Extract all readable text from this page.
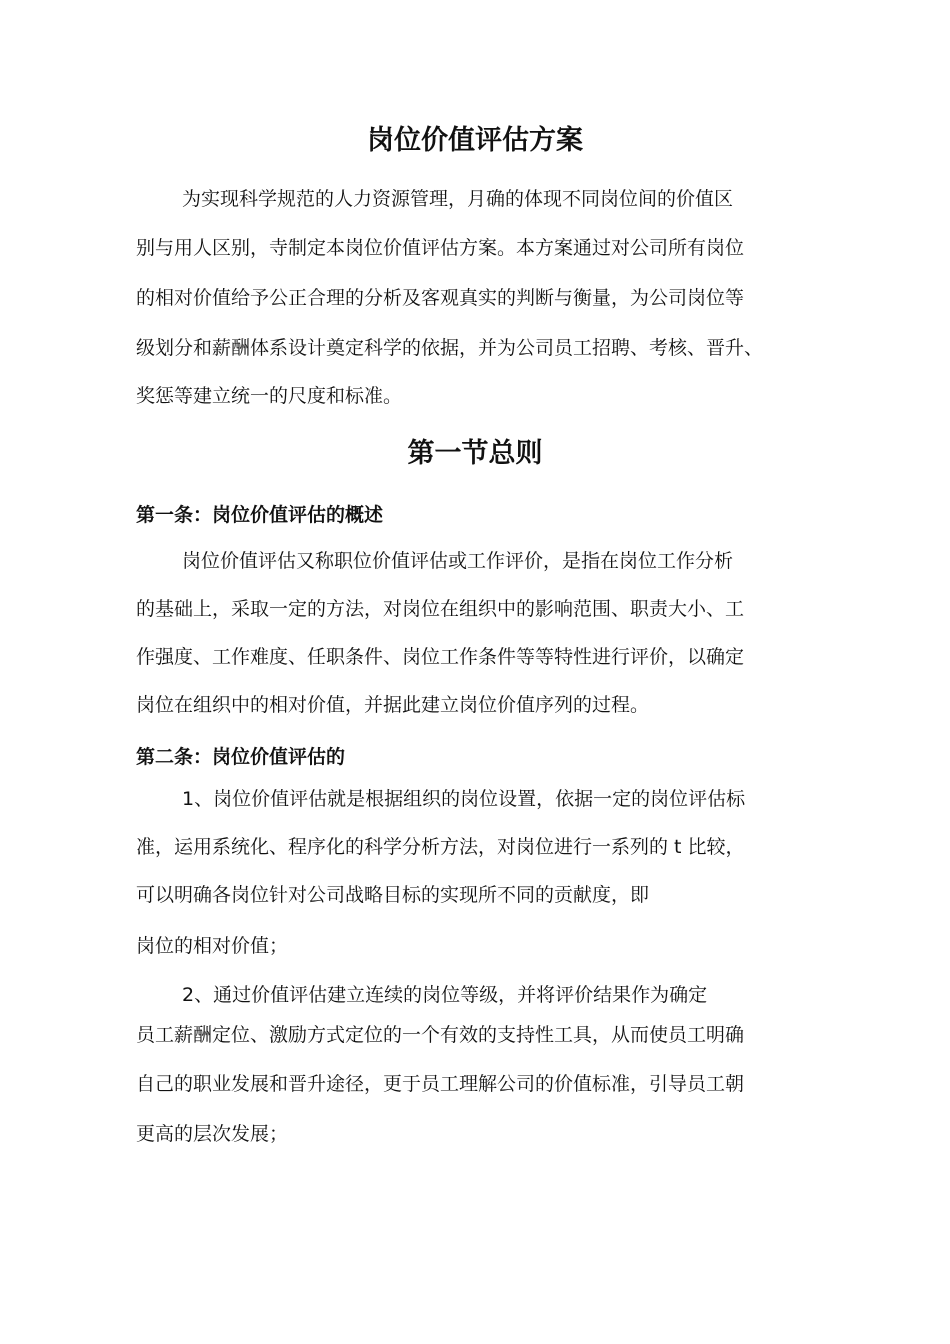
岗位价值评估方案
为实现科学规范的人力资源管理，月确的体现不同岗位间的价值区
别与用人区别，寺制定本岗位价值评估方案。本方案通过对公司所有岗位
的相对价值给予公正合理的分析及客观真实的判断与衡量，为公司岗位等
级划分和薪酬体系设计奠定科学的依据，并为公司员工招聘、考核、晋升、
奖惩等建立统一的尺度和标准。
第一节总则
第一条：岗位价值评估的概述
岗位价值评估又称职位价值评估或工作评价，是指在岗位工作分析
的基础上，采取一定的方法，对岗位在组织中的影响范围、职责大小、工
作强度、工作难度、任职条件、岗位工作条件等等特性进行评价，以确定
岗位在组织中的相对价值，并据此建立岗位价值序列的过程。
第二条：岗位价值评估的
1、岗位价值评估就是根据组织的岗位设置，依据一定的岗位评估标
准，运用系统化、程序化的科学分析方法，对岗位进行一系列的 t 比较，
可以明确各岗位针对公司战略目标的实现所不同的贡献度，即
岗位的相对价值；
2、通过价值评估建立连续的岗位等级，并将评价结果作为确定
员工薪酬定位、激励方式定位的一个有效的支持性工具，从而使员工明确
自己的职业发展和晋升途径，更于员工理解公司的价值标准，引导员工朝
更高的层次发展；
